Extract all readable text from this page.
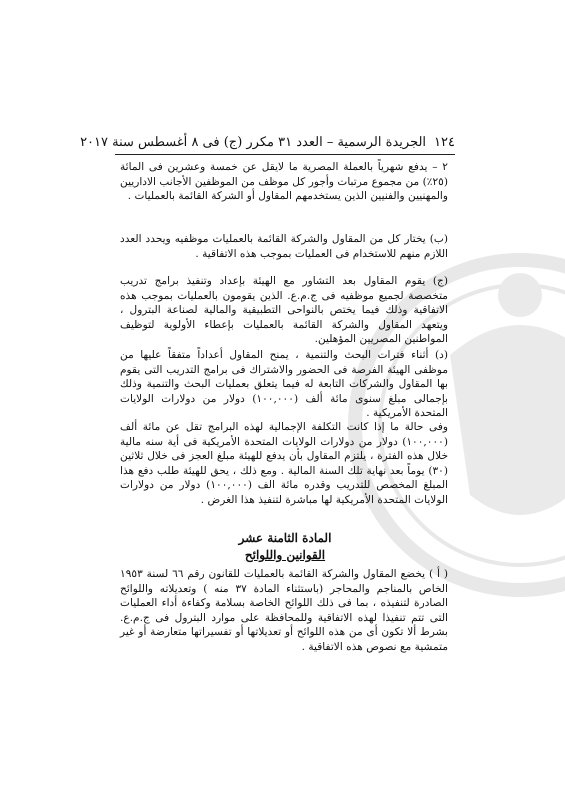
١٢٤
الجريدة الرسمية – العدد ٣١ مكرر (ج) فى ٨ أغسطس سنة ٢٠١٧
٢ – يدفع شهرياً بالعملة المصرية ما لايقل عن خمسة وعشرين فى المائة (٢٥٪) من مجموع مرتبات وأجور كل موظف من الموظفين الأجانب الاداريين والمهنيين والفنيين الذين يستخدمهم المقاول أو الشركة القائمة بالعمليات .
(ب) يختار كل من المقاول والشركة القائمة بالعمليات موظفيه ويحدد العدد اللازم منهم للاستخدام فى العمليات بموجب هذه الاتفاقية .
(ج) يقوم المقاول بعد التشاور مع الهيئة بإعداد وتنفيذ برامج تدريب متخصصة لجميع موظفيه فى ج.م.ع. الذين يقومون بالعمليات بموجب هذه الاتفاقية وذلك فيما يختص بالنواحى التطبيقية والمالية لصناعة البترول ، ويتعهد المقاول والشركة القائمة بالعمليات بإعطاء الأولوية لتوظيف المواطنين المصريين المؤهلين.
(د) أثناء فترات البحث والتنمية ، يمنح المقاول أعداداً متفقاً عليها من موظفى الهيئة الفرصة فى الحضور والاشتراك فى برامج التدريب التى يقوم بها المقاول والشركات التابعة له فيما يتعلق بعمليات البحث والتنمية وذلك بإجمالى مبلغ سنوى مائة ألف (١٠٠,٠٠٠) دولار من دولارات الولايات المتحدة الأمريكية .
وفى حالة ما إذا كانت التكلفة الإجمالية لهذه البرامج تقل عن مائة ألف (١٠٠,٠٠٠) دولار من دولارات الولايات المتحدة الأمريكية فى أية سنه مالية خلال هذه الفترة ، يلتزم المقاول بأن يدفع للهيئة مبلغ العجز فى خلال ثلاثين (٣٠) يوماً بعد نهاية تلك السنة المالية . ومع ذلك ، يحق للهيئة طلب دفع هذا المبلغ المخصص للتدريب وقدره مائة الف (١٠٠,٠٠٠) دولار من دولارات الولايات المتحدة الأمريكية لها مباشرة لتنفيذ هذا الغرض .
المادة الثامنة عشر
القوانين واللوائح
( أ ) يخضع المقاول والشركة القائمة بالعمليات للقانون رقم ٦٦ لسنة ١٩٥٣ الخاص بالمناجم والمحاجر (باستثناء المادة ٣٧ منه ) وتعديلاته واللوائح الصادرة لتنفيذه ، بما فى ذلك اللوائح الخاصة بسلامة وكفاءة أداء العمليات التى تتم تنفيذا لهذه الاتفاقية وللمحافظة على موارد البترول فى ج.م.ع. بشرط ألا تكون أى من هذه اللوائح أو تعديلاتها أو تفسيراتها متعارضة أو غير متمشية مع نصوص هذه الاتفاقية .
